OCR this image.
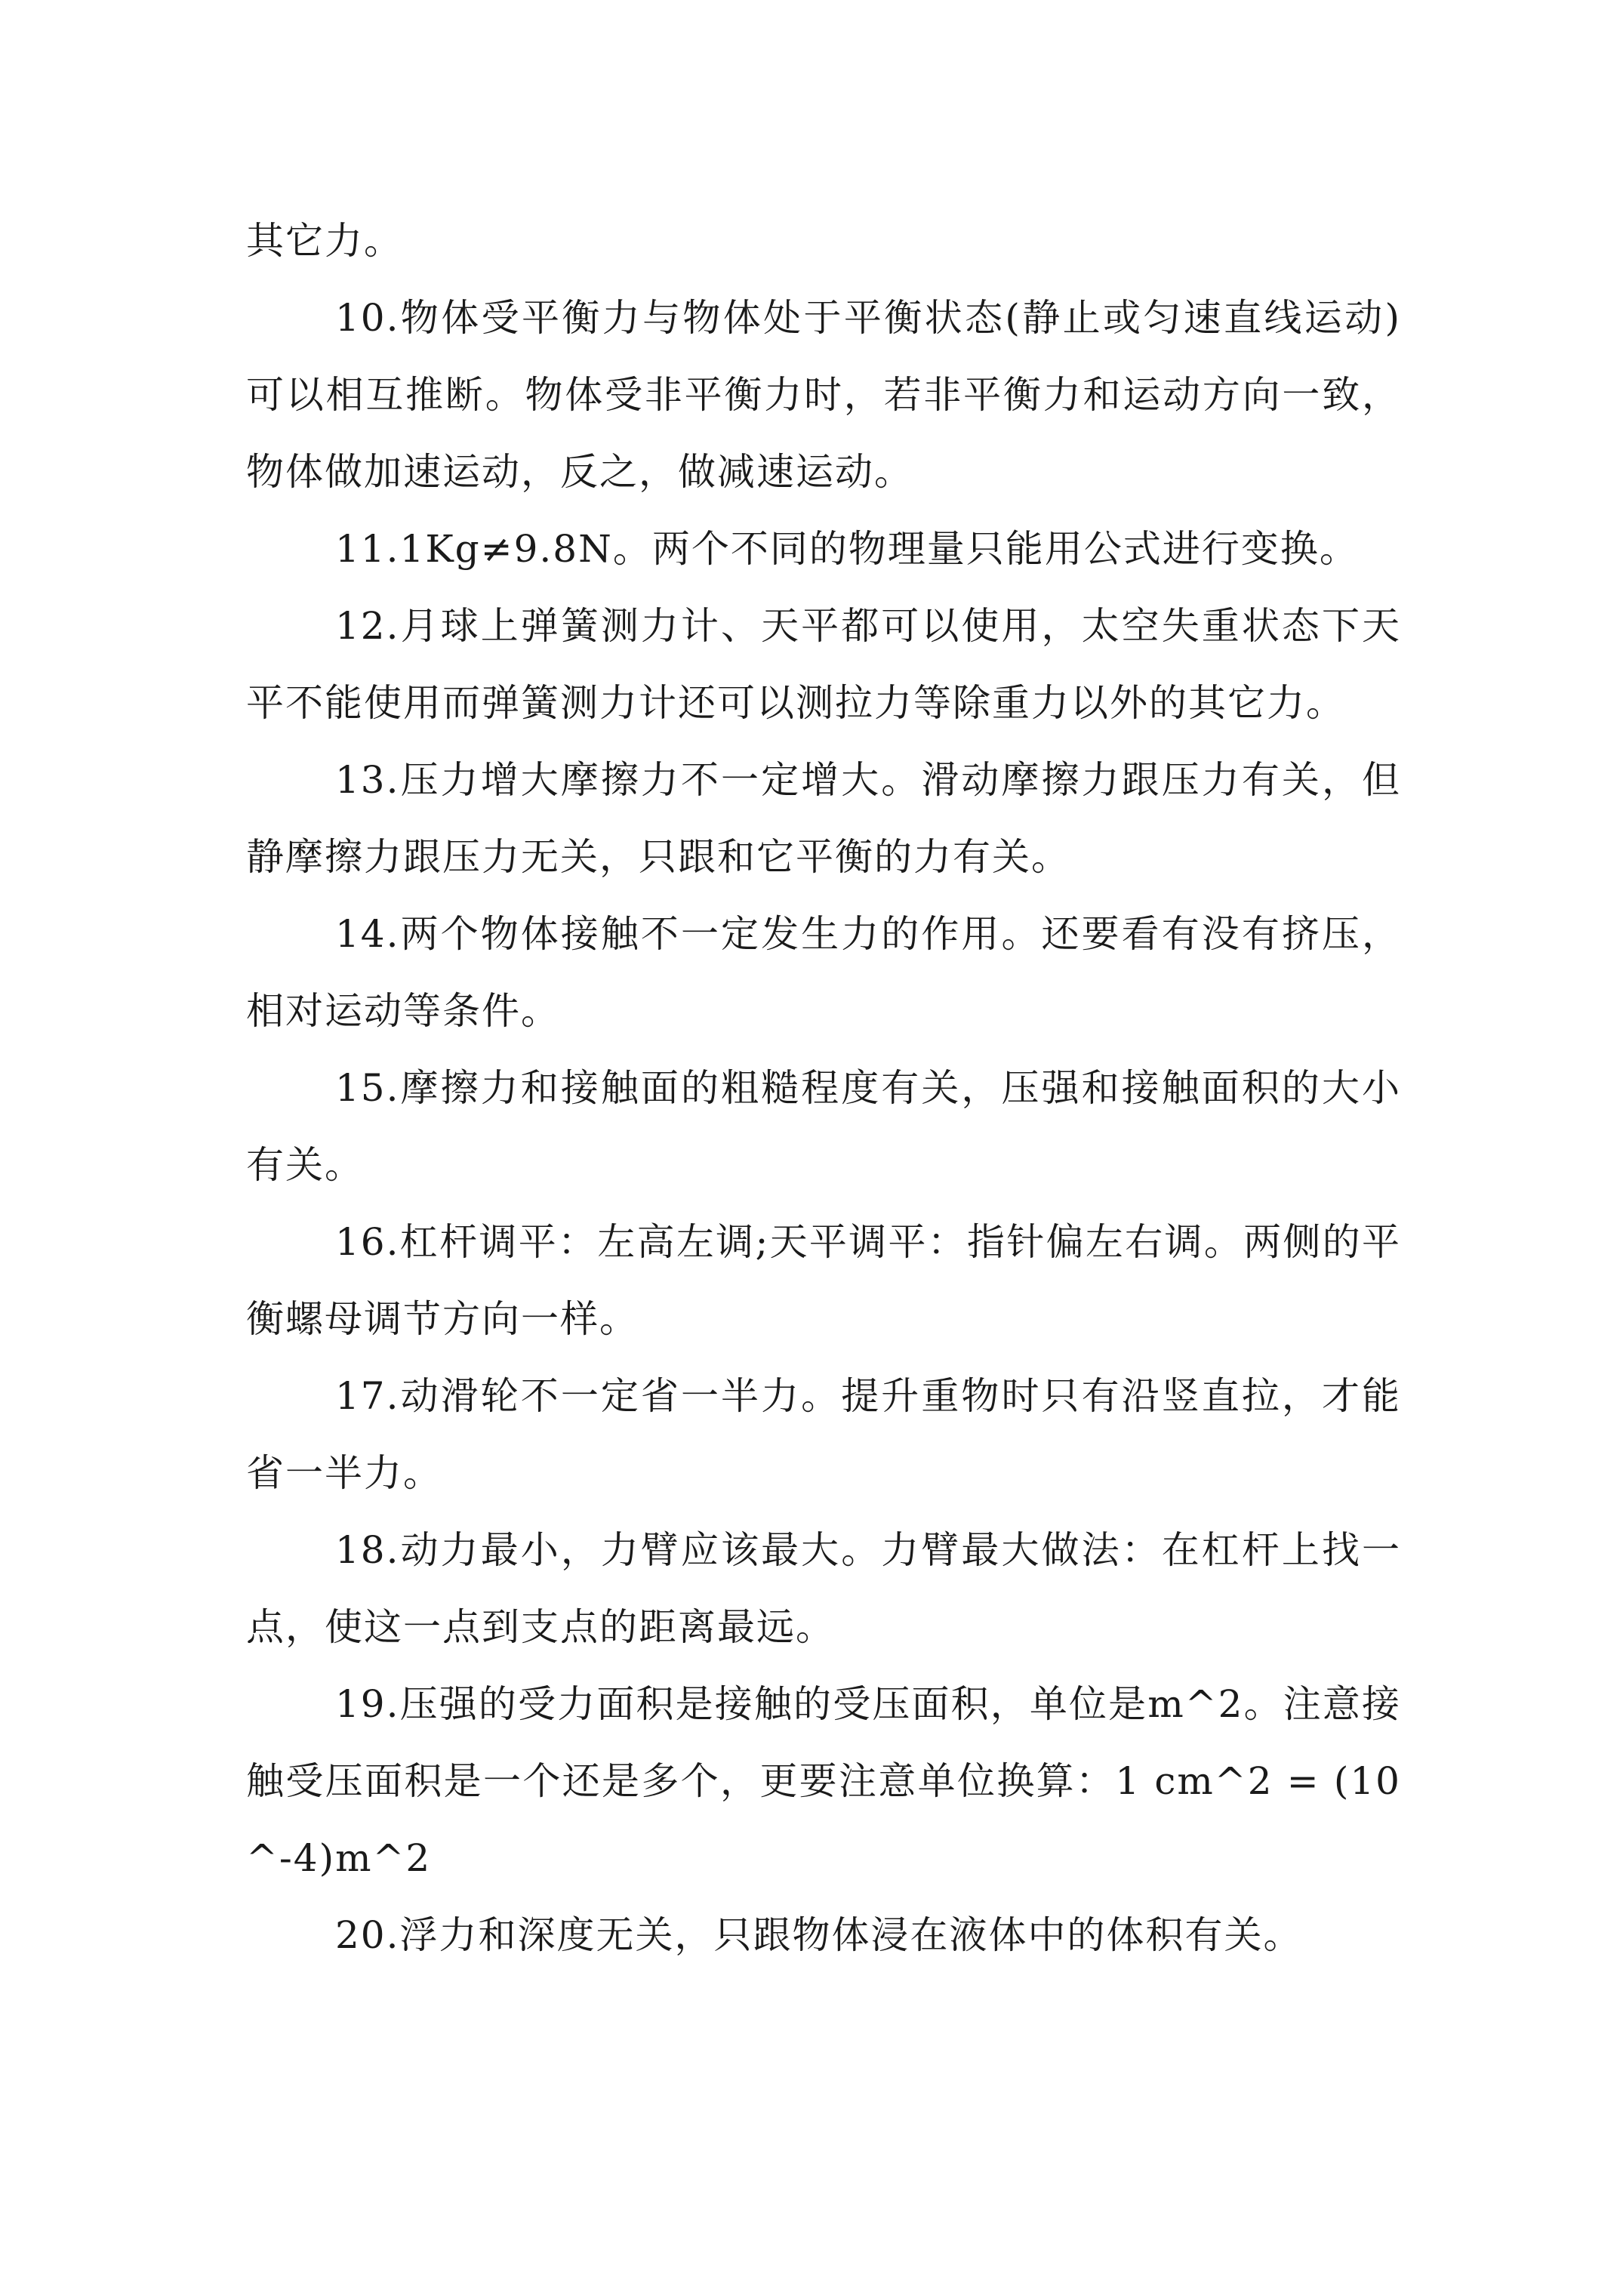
其它力。

10.物体受平衡力与物体处于平衡状态(静止或匀速直线运动)可以相互推断。物体受非平衡力时，若非平衡力和运动方向一致，物体做加速运动，反之，做减速运动。

11.1Kg≠9.8N。两个不同的物理量只能用公式进行变换。

12.月球上弹簧测力计、天平都可以使用，太空失重状态下天平不能使用而弹簧测力计还可以测拉力等除重力以外的其它力。

13.压力增大摩擦力不一定增大。滑动摩擦力跟压力有关，但静摩擦力跟压力无关，只跟和它平衡的力有关。

14.两个物体接触不一定发生力的作用。还要看有没有挤压，相对运动等条件。

15.摩擦力和接触面的粗糙程度有关，压强和接触面积的大小有关。

16.杠杆调平：左高左调;天平调平：指针偏左右调。两侧的平衡螺母调节方向一样。

17.动滑轮不一定省一半力。提升重物时只有沿竖直拉，才能省一半力。

18.动力最小，力臂应该最大。力臂最大做法：在杠杆上找一点，使这一点到支点的距离最远。

19.压强的受力面积是接触的受压面积，单位是m^2。注意接触受压面积是一个还是多个，更要注意单位换算：1 cm^2 = (10^-4)m^2

20.浮力和深度无关，只跟物体浸在液体中的体积有关。
